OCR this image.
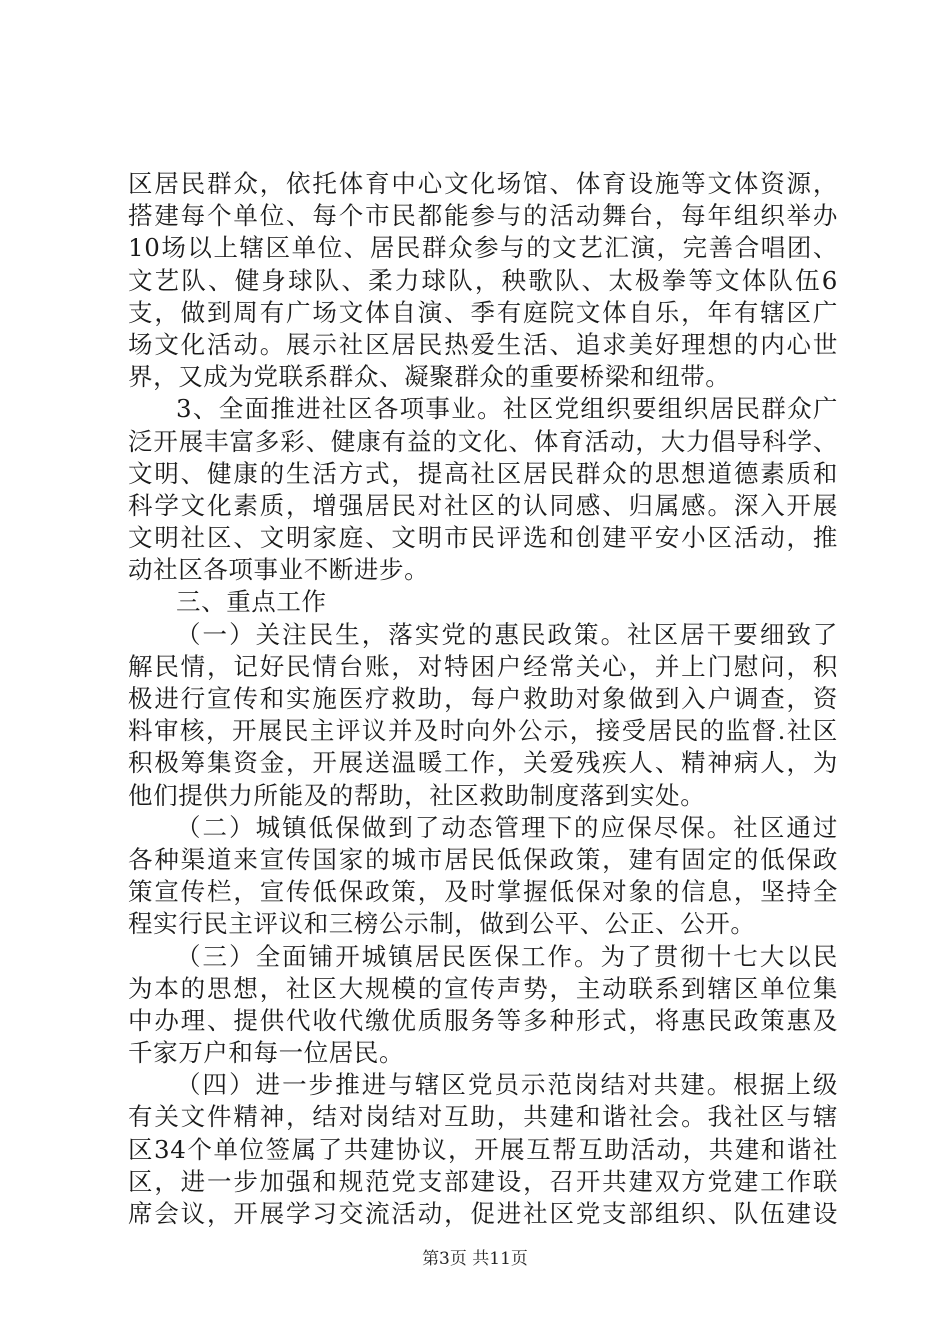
区居民群众，依托体育中心文化场馆、体育设施等文体资源，
搭建每个单位、每个市民都能参与的活动舞台，每年组织举办
10场以上辖区单位、居民群众参与的文艺汇演，完善合唱团、
文艺队、健身球队、柔力球队，秧歌队、太极拳等文体队伍6
支，做到周有广场文体自演、季有庭院文体自乐，年有辖区广
场文化活动。展示社区居民热爱生活、追求美好理想的内心世
界，又成为党联系群众、凝聚群众的重要桥梁和纽带。
3、全面推进社区各项事业。社区党组织要组织居民群众广
泛开展丰富多彩、健康有益的文化、体育活动，大力倡导科学、
文明、健康的生活方式，提高社区居民群众的思想道德素质和
科学文化素质，增强居民对社区的认同感、归属感。深入开展
文明社区、文明家庭、文明市民评选和创建平安小区活动，推
动社区各项事业不断进步。
三、重点工作
（一）关注民生，落实党的惠民政策。社区居干要细致了
解民情，记好民情台账，对特困户经常关心，并上门慰问，积
极进行宣传和实施医疗救助，每户救助对象做到入户调查，资
料审核，开展民主评议并及时向外公示，接受居民的监督.社区
积极筹集资金，开展送温暖工作，关爱残疾人、精神病人，为
他们提供力所能及的帮助，社区救助制度落到实处。
（二）城镇低保做到了动态管理下的应保尽保。社区通过
各种渠道来宣传国家的城市居民低保政策，建有固定的低保政
策宣传栏，宣传低保政策，及时掌握低保对象的信息，坚持全
程实行民主评议和三榜公示制，做到公平、公正、公开。
（三）全面铺开城镇居民医保工作。为了贯彻十七大以民
为本的思想，社区大规模的宣传声势，主动联系到辖区单位集
中办理、提供代收代缴优质服务等多种形式，将惠民政策惠及
千家万户和每一位居民。
（四）进一步推进与辖区党员示范岗结对共建。根据上级
有关文件精神，结对岗结对互助，共建和谐社会。我社区与辖
区34个单位签属了共建协议，开展互帮互助活动，共建和谐社
区，进一步加强和规范党支部建设，召开共建双方党建工作联
席会议，开展学习交流活动，促进社区党支部组织、队伍建设
第3页 共11页
